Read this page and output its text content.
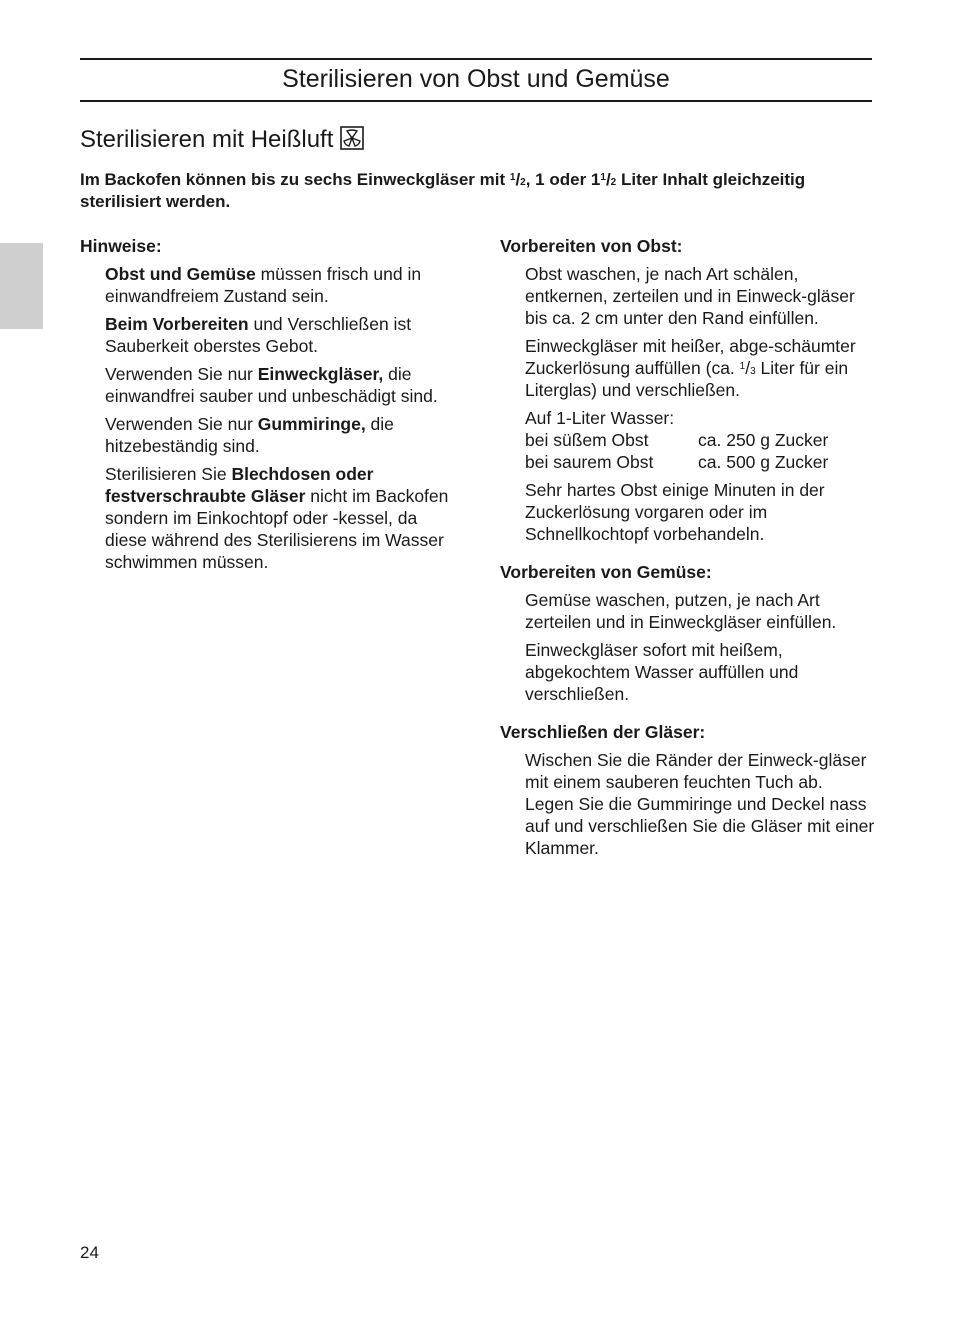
Sterilisieren von Obst und Gemüse
Sterilisieren mit Heißluft
Im Backofen können bis zu sechs Einweckgläser mit $^1$/2, 1 oder $1^1/2$ Liter Inhalt gleichzeitig sterilisiert werden.
Hinweise:
Obst und Gemüse müssen frisch und in einwandfreiem Zustand sein.
Beim Vorbereiten und Verschließen ist Sauberkeit oberstes Gebot.
Verwenden Sie nur Einweckgläser, die einwandfrei sauber und unbeschädigt sind.
Verwenden Sie nur Gummiringe, die hitzebeständig sind.
Sterilisieren Sie Blechdosen oder festverschraubte Gläser nicht im Backofen sondern im Einkochtopf oder -kessel, da diese während des Sterilisierens im Wasser schwimmen müssen.
Vorbereiten von Obst:
Obst waschen, je nach Art schälen, entkernen, zerteilen und in Einweck-gläser bis ca. 2 cm unter den Rand einfüllen.
Einweckgläser mit heißer, abge-schäumter Zuckerlösung auffüllen (ca. $^1$/3 Liter für ein Literglas) und verschließen.
Auf 1-Liter Wasser:
bei süßem Obst	ca. 250 g Zucker
bei saurem Obst	ca. 500 g Zucker
Sehr hartes Obst einige Minuten in der Zuckerlösung vorgaren oder im Schnellkochtopf vorbehandeln.
Vorbereiten von Gemüse:
Gemüse waschen, putzen, je nach Art zerteilen und in Einweckgläser einfüllen.
Einweckgläser sofort mit heißem, abgekochtem Wasser auffüllen und verschließen.
Verschließen der Gläser:
Wischen Sie die Ränder der Einweck-gläser mit einem sauberen feuchten Tuch ab. Legen Sie die Gummiringe und Deckel nass auf und verschließen Sie die Gläser mit einer Klammer.
24
